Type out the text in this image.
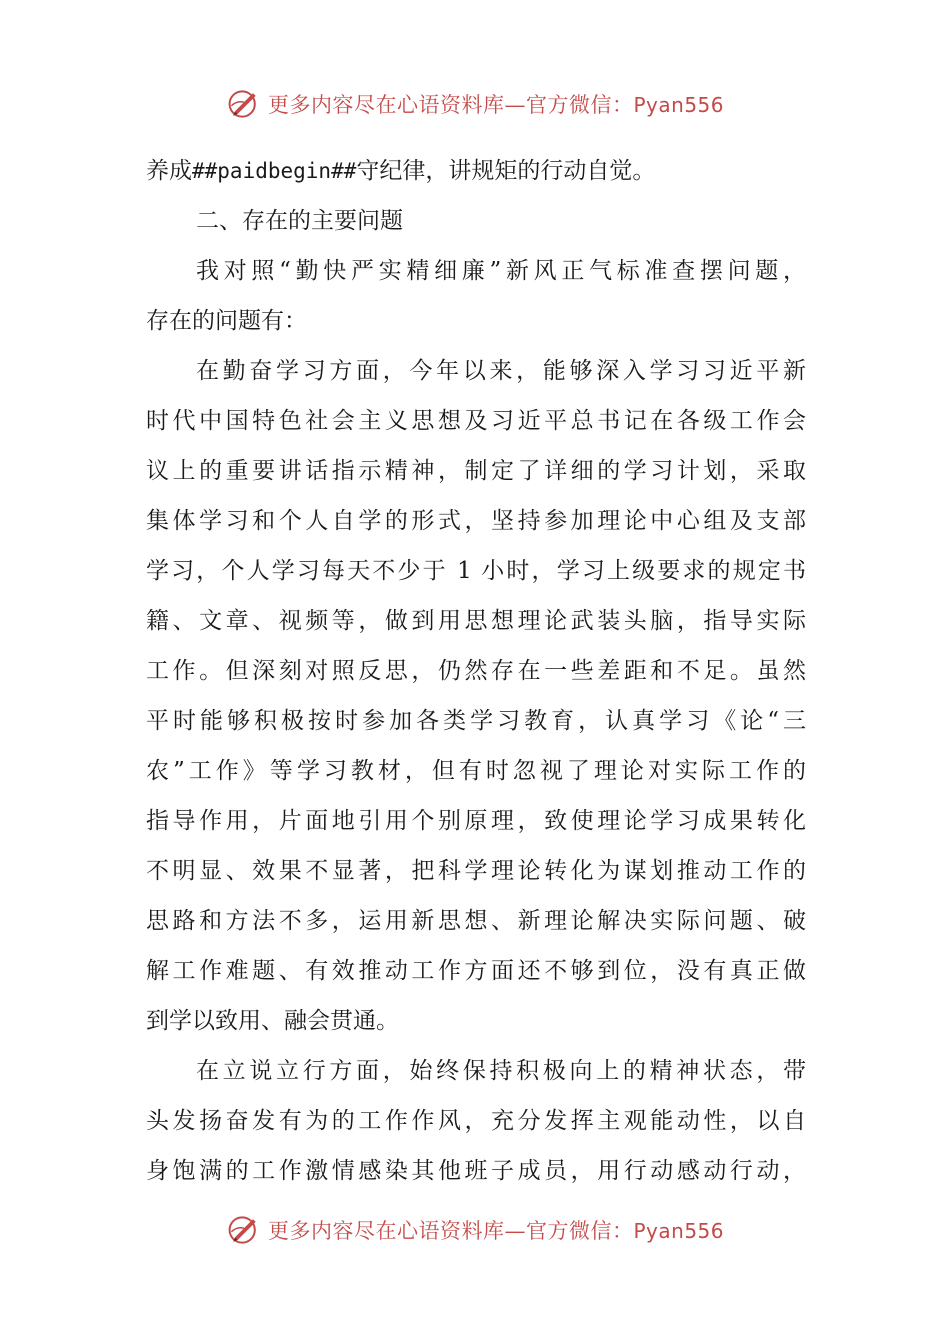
更多内容尽在心语资料库—官方微信：Pyan556
养成##paidbegin##守纪律，讲规矩的行动自觉。
二、存在的主要问题
我对照“勤快严实精细廉”新风正气标准查摆问题，
存在的问题有：
在勤奋学习方面，今年以来，能够深入学习习近平新
时代中国特色社会主义思想及习近平总书记在各级工作会
议上的重要讲话指示精神，制定了详细的学习计划，采取
集体学习和个人自学的形式，坚持参加理论中心组及支部
学习，个人学习每天不少于 1 小时，学习上级要求的规定书
籍、文章、视频等，做到用思想理论武装头脑，指导实际
工作。但深刻对照反思，仍然存在一些差距和不足。虽然
平时能够积极按时参加各类学习教育，认真学习《论“三
农”工作》等学习教材，但有时忽视了理论对实际工作的
指导作用，片面地引用个别原理，致使理论学习成果转化
不明显、效果不显著，把科学理论转化为谋划推动工作的
思路和方法不多，运用新思想、新理论解决实际问题、破
解工作难题、有效推动工作方面还不够到位，没有真正做
到学以致用、融会贯通。
在立说立行方面，始终保持积极向上的精神状态，带
头发扬奋发有为的工作作风，充分发挥主观能动性，以自
身饱满的工作激情感染其他班子成员，用行动感动行动，
更多内容尽在心语资料库—官方微信：Pyan556
